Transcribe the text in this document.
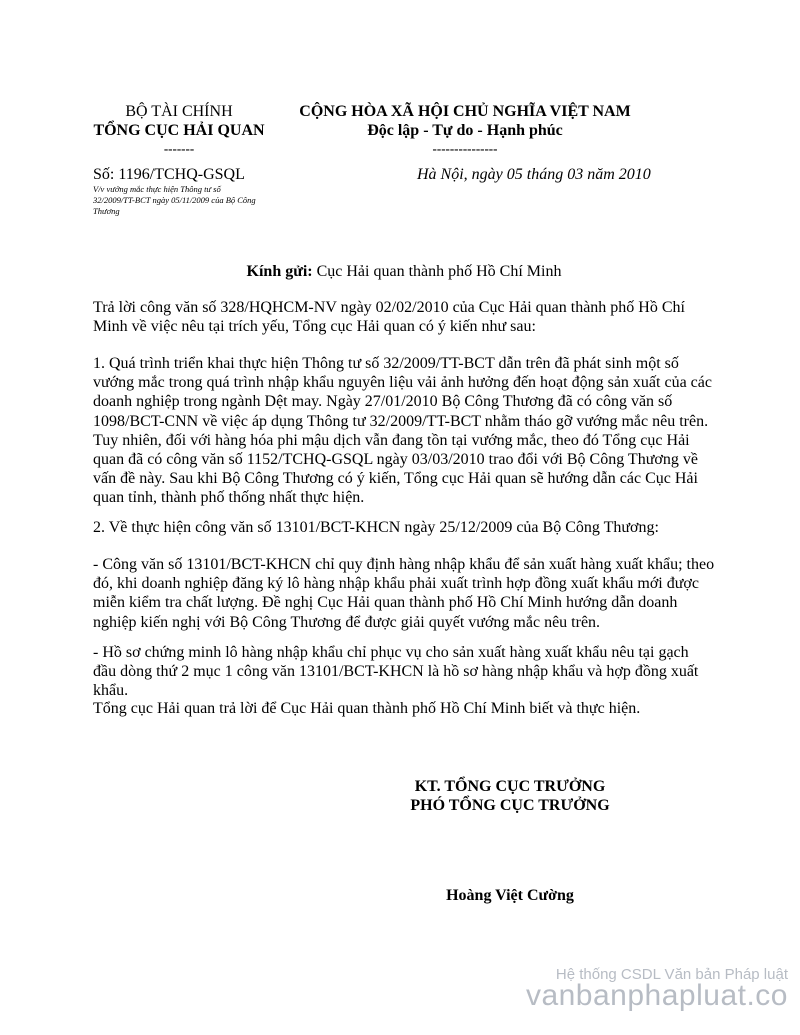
BỘ TÀI CHÍNH
TỔNG CỤC HẢI QUAN
-------
CỘNG HÒA XÃ HỘI CHỦ NGHĨA VIỆT NAM
Độc lập - Tự do - Hạnh phúc
---------------
Số: 1196/TCHQ-GSQL
V/v vướng mắc thực hiện Thông tư số 32/2009/TT-BCT ngày 05/11/2009 của Bộ Công Thương
Hà Nội, ngày 05 tháng 03 năm 2010
Kính gửi: Cục Hải quan thành phố Hồ Chí Minh

Trả lời công văn số 328/HQHCM-NV ngày 02/02/2010 của Cục Hải quan thành phố Hồ Chí Minh về việc nêu tại trích yếu, Tổng cục Hải quan có ý kiến như sau:

1. Quá trình triển khai thực hiện Thông tư số 32/2009/TT-BCT dẫn trên đã phát sinh một số vướng mắc trong quá trình nhập khẩu nguyên liệu vải ảnh hưởng đến hoạt động sản xuất của các doanh nghiệp trong ngành Dệt may. Ngày 27/01/2010 Bộ Công Thương đã có công văn số 1098/BCT-CNN về việc áp dụng Thông tư 32/2009/TT-BCT nhằm tháo gỡ vướng mắc nêu trên. Tuy nhiên, đối với hàng hóa phi mậu dịch vẫn đang tồn tại vướng mắc, theo đó Tổng cục Hải quan đã có công văn số 1152/TCHQ-GSQL ngày 03/03/2010 trao đổi với Bộ Công Thương về vấn đề này. Sau khi Bộ Công Thương có ý kiến, Tổng cục Hải quan sẽ hướng dẫn các Cục Hải quan tỉnh, thành phố thống nhất thực hiện.

2. Về thực hiện công văn số 13101/BCT-KHCN ngày 25/12/2009 của Bộ Công Thương:

- Công văn số 13101/BCT-KHCN chỉ quy định hàng nhập khẩu để sản xuất hàng xuất khẩu; theo đó, khi doanh nghiệp đăng ký lô hàng nhập khẩu phải xuất trình hợp đồng xuất khẩu mới được miễn kiểm tra chất lượng. Đề nghị Cục Hải quan thành phố Hồ Chí Minh hướng dẫn doanh nghiệp kiến nghị với Bộ Công Thương để được giải quyết vướng mắc nêu trên.

- Hồ sơ chứng minh lô hàng nhập khẩu chỉ phục vụ cho sản xuất hàng xuất khẩu nêu tại gạch đầu dòng thứ 2 mục 1 công văn 13101/BCT-KHCN là hồ sơ hàng nhập khẩu và hợp đồng xuất khẩu.

Tổng cục Hải quan trả lời để Cục Hải quan thành phố Hồ Chí Minh biết và thực hiện.

KT. TỔNG CỤC TRƯỞNG
PHÓ TỔNG CỤC TRƯỞNG
Hoàng Việt Cường
Hệ thống CSDL Văn bản Pháp luật
vanbanphapluat.co
